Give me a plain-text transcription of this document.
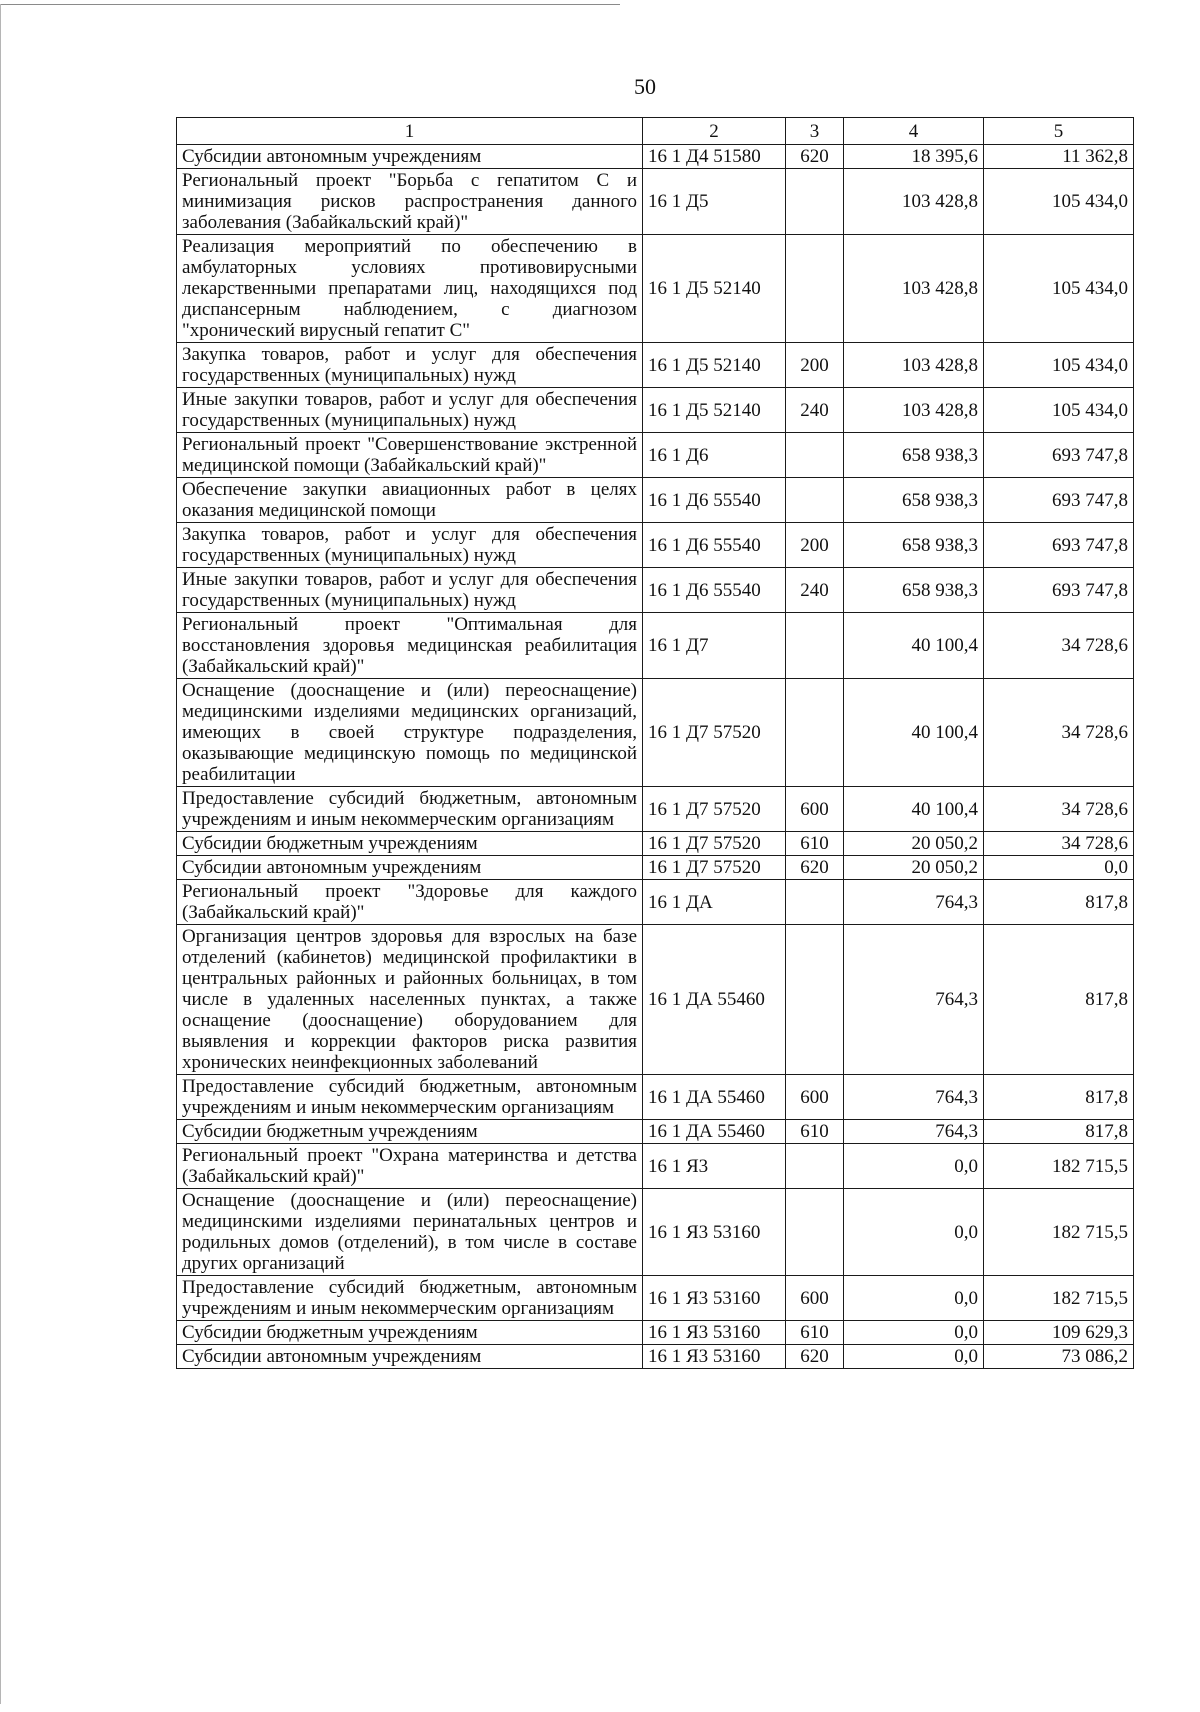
50
1	2	3	4	5
Субсидии автономным учреждениям	16 1 Д4 51580	620	18 395,6	11 362,8
Региональный проект "Борьба с гепатитом С и минимизация рисков распространения данного заболевания (Забайкальский край)"	16 1 Д5		103 428,8	105 434,0
Реализация мероприятий по обеспечению в амбулаторных условиях противовирусными лекарственными препаратами лиц, находящихся под диспансерным наблюдением, с диагнозом "хронический вирусный гепатит С"	16 1 Д5 52140		103 428,8	105 434,0
Закупка товаров, работ и услуг для обеспечения государственных (муниципальных) нужд	16 1 Д5 52140	200	103 428,8	105 434,0
Иные закупки товаров, работ и услуг для обеспечения государственных (муниципальных) нужд	16 1 Д5 52140	240	103 428,8	105 434,0
Региональный проект "Совершенствование экстренной медицинской помощи (Забайкальский край)"	16 1 Д6		658 938,3	693 747,8
Обеспечение закупки авиационных работ в целях оказания медицинской помощи	16 1 Д6 55540		658 938,3	693 747,8
Закупка товаров, работ и услуг для обеспечения государственных (муниципальных) нужд	16 1 Д6 55540	200	658 938,3	693 747,8
Иные закупки товаров, работ и услуг для обеспечения государственных (муниципальных) нужд	16 1 Д6 55540	240	658 938,3	693 747,8
Региональный проект "Оптимальная для восстановления здоровья медицинская реабилитация (Забайкальский край)"	16 1 Д7		40 100,4	34 728,6
Оснащение (дооснащение и (или) переоснащение) медицинскими изделиями медицинских организаций, имеющих в своей структуре подразделения, оказывающие медицинскую помощь по медицинской реабилитации	16 1 Д7 57520		40 100,4	34 728,6
Предоставление субсидий бюджетным, автономным учреждениям и иным некоммерческим организациям	16 1 Д7 57520	600	40 100,4	34 728,6
Субсидии бюджетным учреждениям	16 1 Д7 57520	610	20 050,2	34 728,6
Субсидии автономным учреждениям	16 1 Д7 57520	620	20 050,2	0,0
Региональный проект "Здоровье для каждого (Забайкальский край)"	16 1 ДА		764,3	817,8
Организация центров здоровья для взрослых на базе отделений (кабинетов) медицинской профилактики в центральных районных и районных больницах, в том числе в удаленных населенных пунктах, а также оснащение (дооснащение) оборудованием для выявления и коррекции факторов риска развития хронических неинфекционных заболеваний	16 1 ДА 55460		764,3	817,8
Предоставление субсидий бюджетным, автономным учреждениям и иным некоммерческим организациям	16 1 ДА 55460	600	764,3	817,8
Субсидии бюджетным учреждениям	16 1 ДА 55460	610	764,3	817,8
Региональный проект "Охрана материнства и детства (Забайкальский край)"	16 1 Я3		0,0	182 715,5
Оснащение (дооснащение и (или) переоснащение) медицинскими изделиями перинатальных центров и родильных домов (отделений), в том числе в составе других организаций	16 1 Я3 53160		0,0	182 715,5
Предоставление субсидий бюджетным, автономным учреждениям и иным некоммерческим организациям	16 1 Я3 53160	600	0,0	182 715,5
Субсидии бюджетным учреждениям	16 1 Я3 53160	610	0,0	109 629,3
Субсидии автономным учреждениям	16 1 Я3 53160	620	0,0	73 086,2
